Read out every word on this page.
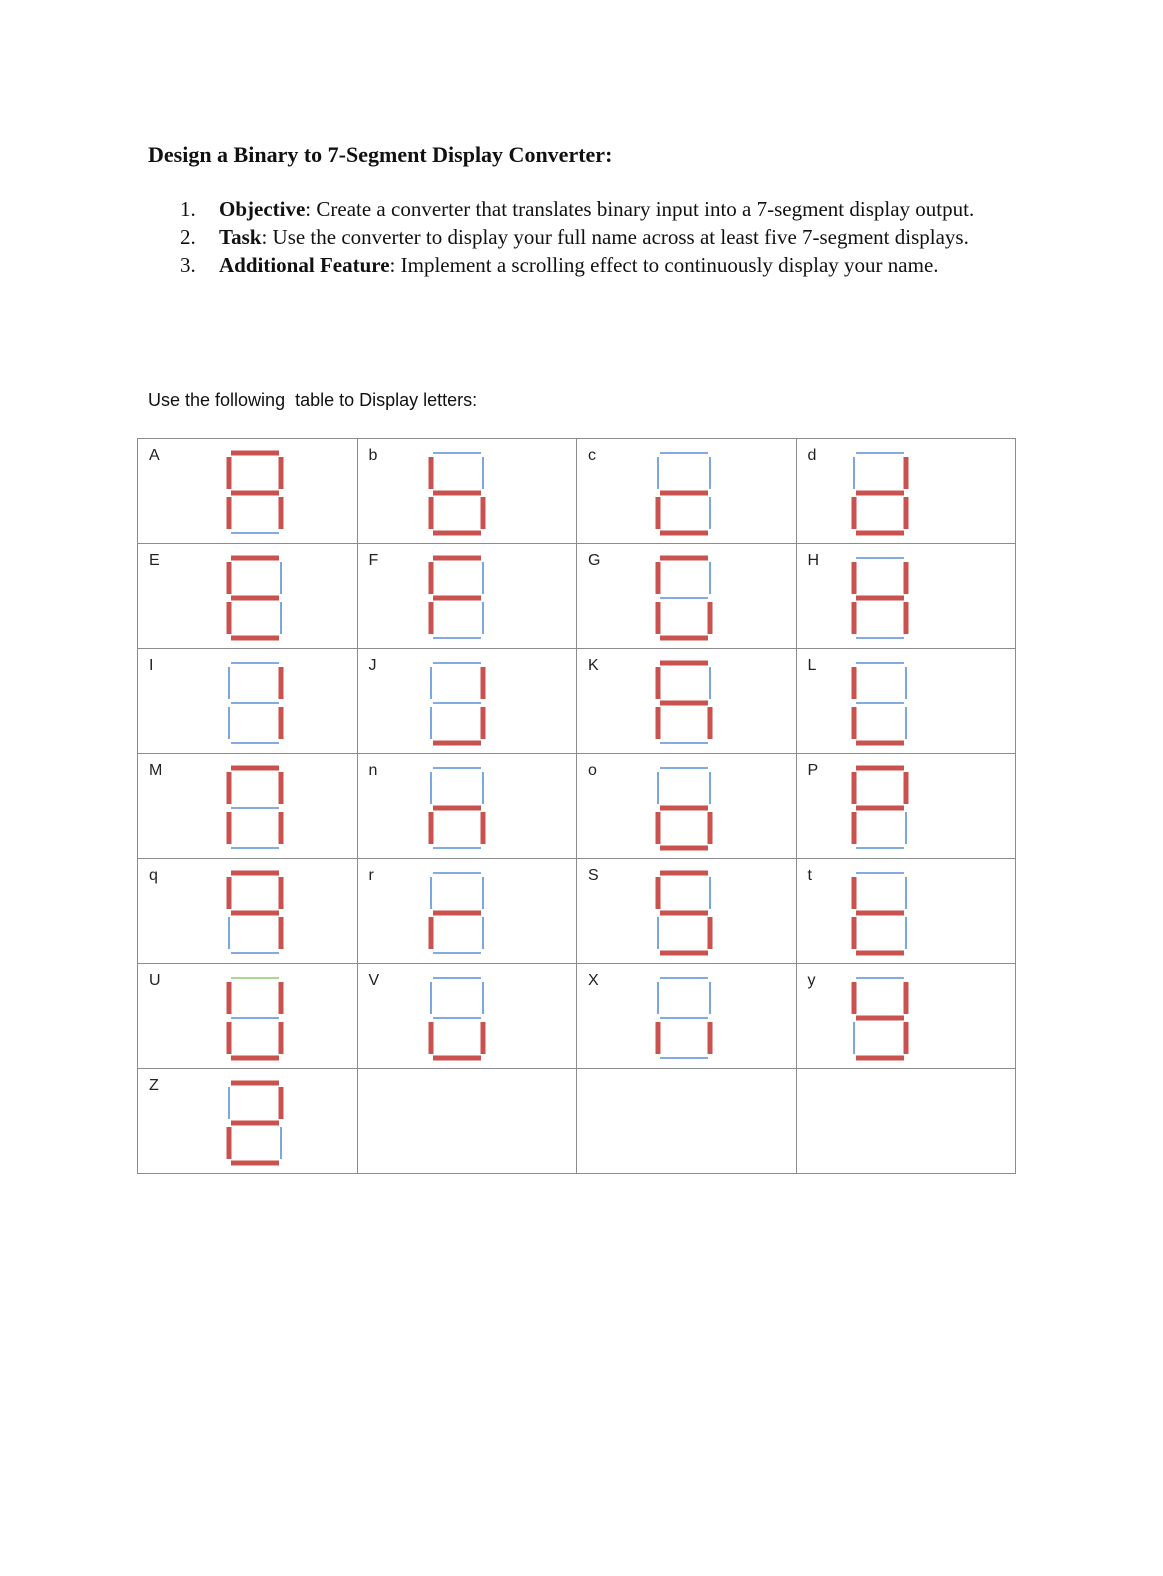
Design a Binary to 7-Segment Display Converter:
1. Objective: Create a converter that translates binary input into a 7-segment display output.
2. Task: Use the converter to display your full name across at least five 7-segment displays.
3. Additional Feature: Implement a scrolling effect to continuously display your name.
Use the following  table to Display letters:
A	b	c	d

E	F	G	H

I	J	K	L

M	n	o	P

q	r	S	t

U	V	X	y

Z			
